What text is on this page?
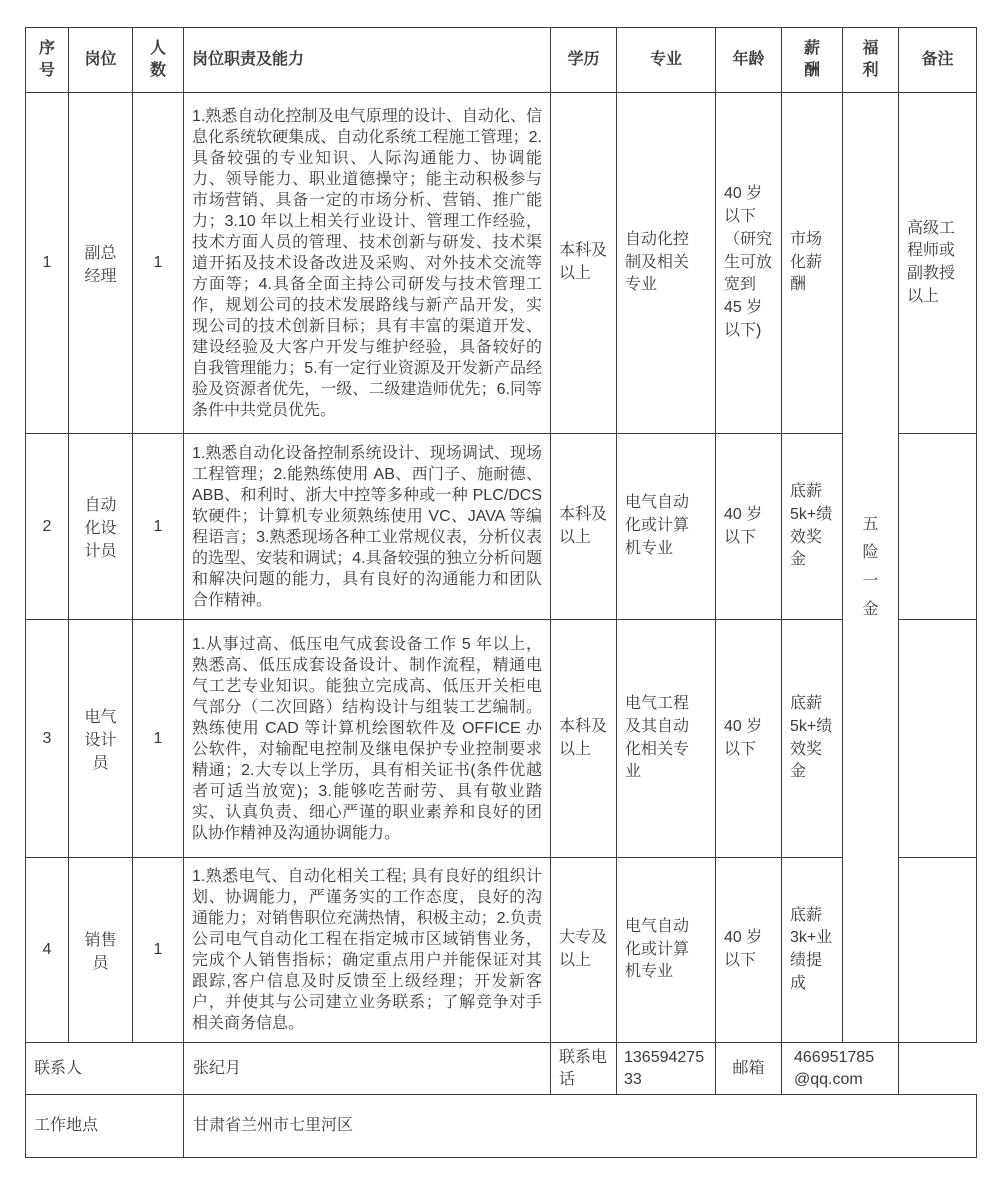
序号	岗位	人数	岗位职责及能力	学历	专业	年龄	薪酬	福利	备注
1	副总经理	1	1.熟悉自动化控制及电气原理的设计、自动化、信息化系统软硬集成、自动化系统工程施工管理；2.具备较强的专业知识、人际沟通能力、协调能力、领导能力、职业道德操守；能主动积极参与市场营销、具备一定的市场分析、营销、推广能力；3.10 年以上相关行业设计、管理工作经验，技术方面人员的管理、技术创新与研发、技术渠道开拓及技术设备改进及采购、对外技术交流等方面等；4.具备全面主持公司研发与技术管理工作，规划公司的技术发展路线与新产品开发，实现公司的技术创新目标；具有丰富的渠道开发、建设经验及大客户开发与维护经验，具备较好的自我管理能力；5.有一定行业资源及开发新产品经验及资源者优先，一级、二级建造师优先；6.同等条件中共党员优先。	本科及以上	自动化控制及相关专业	40 岁以下（研究生可放宽到 45 岁以下)	市场化薪酬	五险一金	高级工程师或副教授以上
2	自动化设计员	1	1.熟悉自动化设备控制系统设计、现场调试、现场工程管理；2.能熟练使用 AB、西门子、施耐德、ABB、和利时、浙大中控等多种或一种 PLC/DCS 软硬件；计算机专业须熟练使用 VC、JAVA 等编程语言；3.熟悉现场各种工业常规仪表，分析仪表的选型、安装和调试；4.具备较强的独立分析问题和解决问题的能力，具有良好的沟通能力和团队合作精神。	本科及以上	电气自动化或计算机专业	40 岁以下	底薪5k+绩效奖金		
3	电气设计员	1	1.从事过高、低压电气成套设备工作 5 年以上，熟悉高、低压成套设备设计、制作流程，精通电气工艺专业知识。能独立完成高、低压开关柜电气部分（二次回路）结构设计与组装工艺编制。熟练使用 CAD 等计算机绘图软件及 OFFICE 办公软件，对输配电控制及继电保护专业控制要求精通；2.大专以上学历，具有相关证书(条件优越者可适当放宽)；3.能够吃苦耐劳、具有敬业踏实、认真负责、细心严谨的职业素养和良好的团队协作精神及沟通协调能力。	本科及以上	电气工程及其自动化相关专业	40 岁以下	底薪5k+绩效奖金		
4	销售员	1	1.熟悉电气、自动化相关工程; 具有良好的组织计划、协调能力，严谨务实的工作态度，良好的沟通能力；对销售职位充满热情，积极主动；2.负责公司电气自动化工程在指定城市区域销售业务，完成个人销售指标；确定重点用户并能保证对其跟踪,客户信息及时反馈至上级经理；开发新客户，并使其与公司建立业务联系；了解竞争对手相关商务信息。	大专及以上	电气自动化或计算机专业	40 岁以下	底薪3k+业绩提成		
联系人			张纪月	联系电话	13659427533	邮箱	466951785@qq.com		
工作地点			甘肃省兰州市七里河区						
